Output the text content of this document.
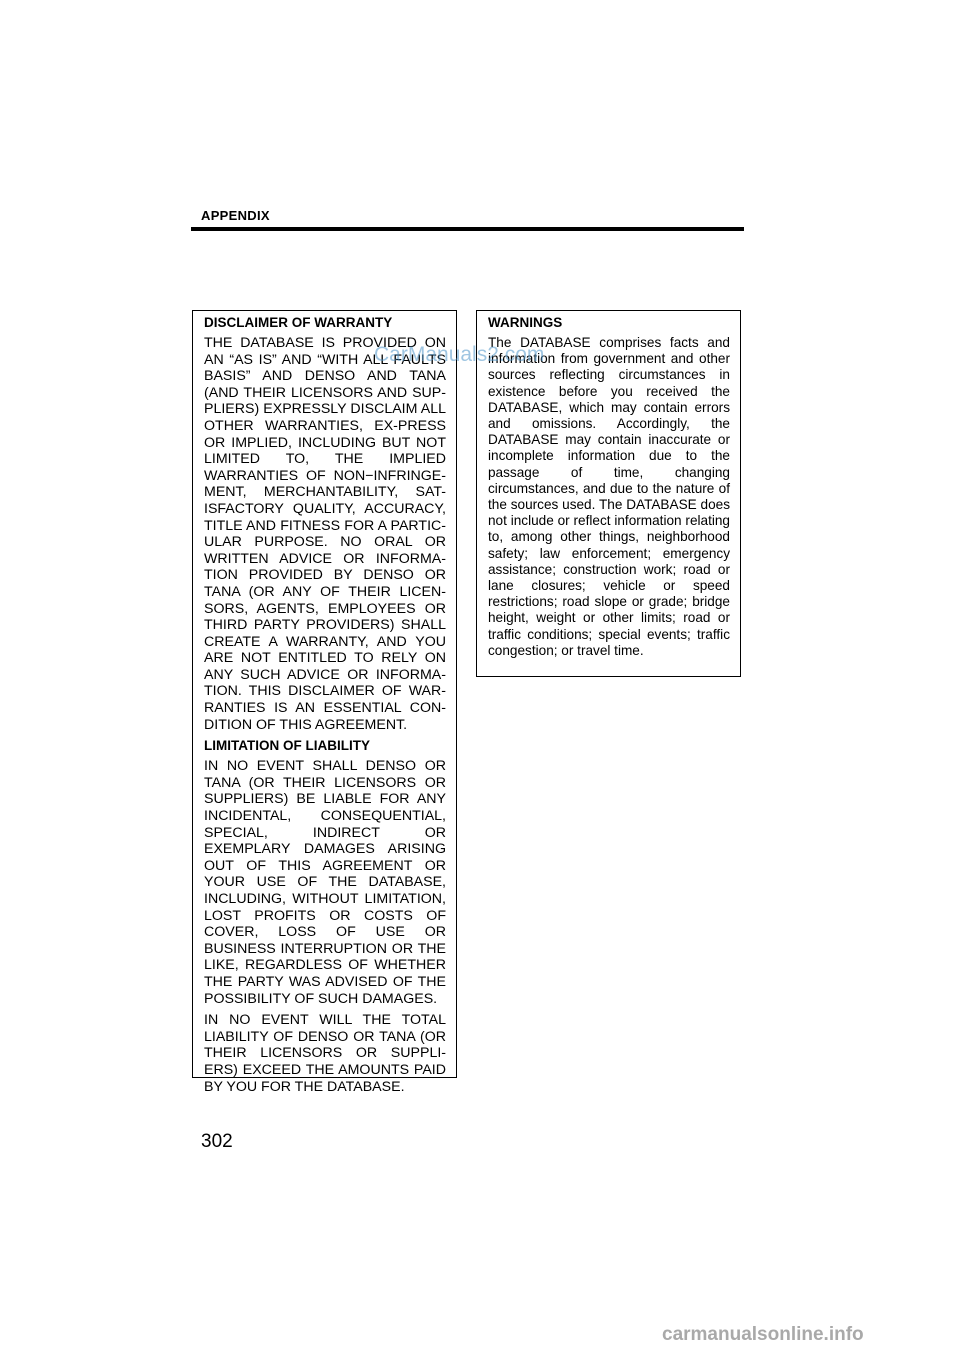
APPENDIX
DISCLAIMER OF WARRANTY

THE DATABASE IS PROVIDED ON AN “AS IS” AND “WITH ALL FAULTS BASIS” AND DENSO AND TANA (AND THEIR LICENSORS AND SUP-PLIERS) EXPRESSLY DISCLAIM ALL OTHER WARRANTIES, EX-PRESS OR IMPLIED, INCLUDING BUT NOT LIMITED TO, THE IMPLIED WARRANTIES OF NON−INFRINGE-MENT, MERCHANTABILITY, SAT-ISFACTORY QUALITY, ACCURACY, TITLE AND FITNESS FOR A PARTIC-ULAR PURPOSE. NO ORAL OR WRITTEN ADVICE OR INFORMA-TION PROVIDED BY DENSO OR TANA (OR ANY OF THEIR LICEN-SORS, AGENTS, EMPLOYEES OR THIRD PARTY PROVIDERS) SHALL CREATE A WARRANTY, AND YOU ARE NOT ENTITLED TO RELY ON ANY SUCH ADVICE OR INFORMA-TION. THIS DISCLAIMER OF WAR-RANTIES IS AN ESSENTIAL CON-DITION OF THIS AGREEMENT.

LIMITATION OF LIABILITY

IN NO EVENT SHALL DENSO OR TANA (OR THEIR LICENSORS OR SUPPLIERS) BE LIABLE FOR ANY INCIDENTAL, CONSEQUENTIAL, SPECIAL, INDIRECT OR EXEMPLARY DAMAGES ARISING OUT OF THIS AGREEMENT OR YOUR USE OF THE DATABASE, INCLUDING, WITHOUT LIMITATION, LOST PROFITS OR COSTS OF COVER, LOSS OF USE OR BUSINESS INTERRUPTION OR THE LIKE, REGARDLESS OF WHETHER THE PARTY WAS ADVISED OF THE POSSIBILITY OF SUCH DAMAGES.

IN NO EVENT WILL THE TOTAL LIABILITY OF DENSO OR TANA (OR THEIR LICENSORS OR SUPPLI-ERS) EXCEED THE AMOUNTS PAID BY YOU FOR THE DATABASE.

WARNINGS

The DATABASE comprises facts and information from government and other sources reflecting circumstances in existence before you received the DATABASE, which may contain errors and omissions. Accordingly, the DATABASE may contain inaccurate or incomplete information due to the passage of time, changing circumstances, and due to the nature of the sources used. The DATABASE does not include or reflect information relating to, among other things, neighborhood safety; law enforcement; emergency assistance; construction work; road or lane closures; vehicle or speed restrictions; road slope or grade; bridge height, weight or other limits; road or traffic conditions; special events; traffic congestion; or travel time.

CarManuals2.com
302
carmanualsonline.info
